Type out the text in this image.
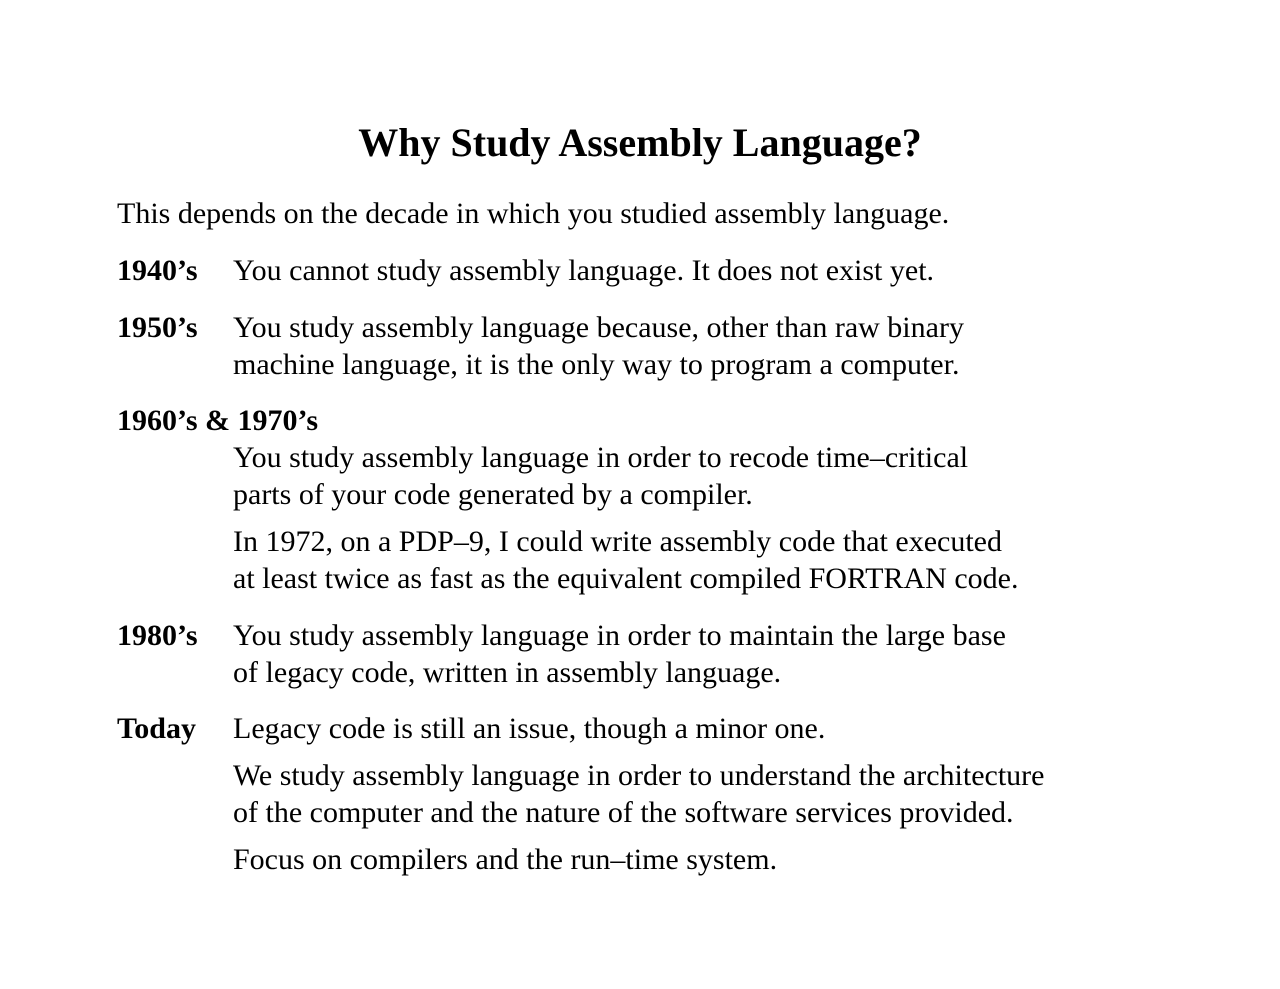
Why Study Assembly Language?
This depends on the decade in which you studied assembly language.
1940’s You cannot study assembly language. It does not exist yet.
1950’s You study assembly language because, other than raw binary
machine language, it is the only way to program a computer.
1960’s & 1970’s
You study assembly language in order to recode time–critical
parts of your code generated by a compiler.
In 1972, on a PDP–9, I could write assembly code that executed
at least twice as fast as the equivalent compiled FORTRAN code.
1980’s You study assembly language in order to maintain the large base
of legacy code, written in assembly language.
Today Legacy code is still an issue, though a minor one.
We study assembly language in order to understand the architecture
of the computer and the nature of the software services provided.
Focus on compilers and the run–time system.
